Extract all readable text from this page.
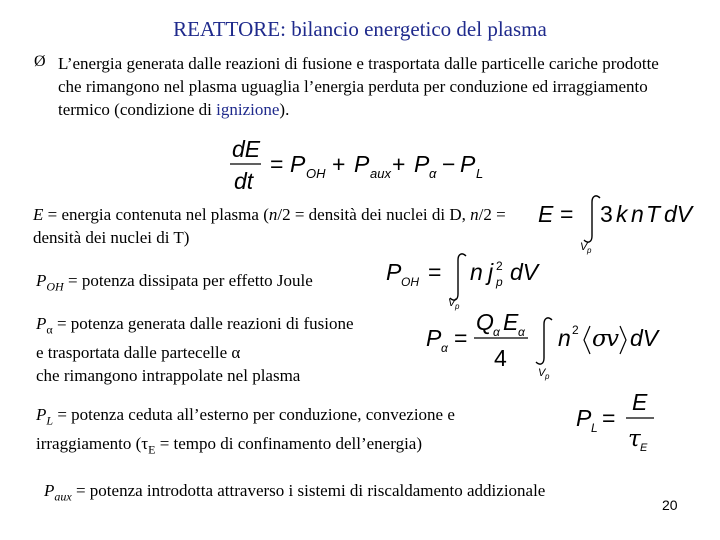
REATTORE: bilancio energetico del plasma
Ø L’energia generata dalle reazioni di fusione e trasportata dalle particelle cariche prodotte che rimangono nel plasma uguaglia l’energia perduta per conduzione ed irraggiamento termico (condizione di ignizione).
dE
dt
= P OH + P aux + P α − P L
E = energia contenuta nel plasma (n/2 = densità dei nuclei di D, n/2 = densità dei nuclei di T)
E = 3 k n T dV
V p
$P_{OH}$ = potenza dissipata per effetto Joule	P OH = n j 2
p dV
V p
$P_\alpha$ = potenza generata dalle reazioni di fusione e trasportata dalle partecelle α
che rimangono intrappolate nel plasma
P α =
Q α E α
4
n 2 σ
v dV
V p
$P_L$ = potenza ceduta all’esterno per conduzione, convezione e irraggiamento ($\tau_E$ = tempo di confinamento dell’energia)
P L =
E
τ E
$P_{aux}$ = potenza introdotta attraverso i sistemi di riscaldamento addizionale
20
